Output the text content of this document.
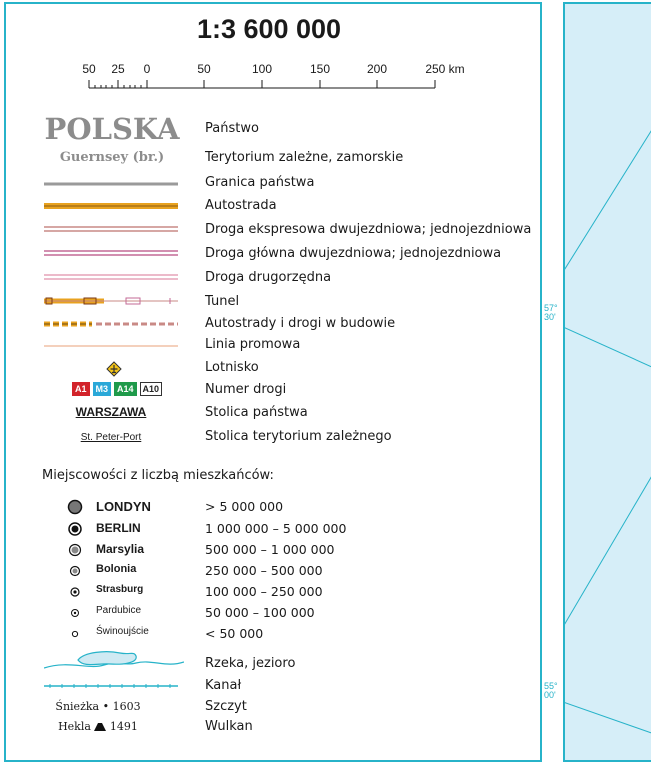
57°
30'
55°
00'
1:3 600 000
50 25 0	50	100	150	200	250 km
POLSKA	Państwo
Guernsey (br.)	Terytorium zależne, zamorskie
Granica państwa
Autostrada
Droga ekspresowa dwujezdniowa; jednojezdniowa
Droga główna dwujezdniowa; jednojezdniowa
Droga drugorzędna
Tunel
Autostrady i drogi w budowie
Linia promowa
Lotnisko
A1	M3	A14	A10	Numer drogi
WARSZAWA	Stolica państwa
St. Peter-Port	Stolica terytorium zależnego
Miejscowości z liczbą mieszkańców:
LONDYN	> 5 000 000
BERLIN	1 000 000 – 5 000 000
Marsylia	500 000 – 1 000 000
Bolonia	250 000 – 500 000
Strasburg	100 000 – 250 000
Pardubice	50 000 – 100 000
Świnoujście	< 50 000
Rzeka, jezioro
Kanał
Śnieżka • 1603	Szczyt
Hekla 1491	Wulkan
